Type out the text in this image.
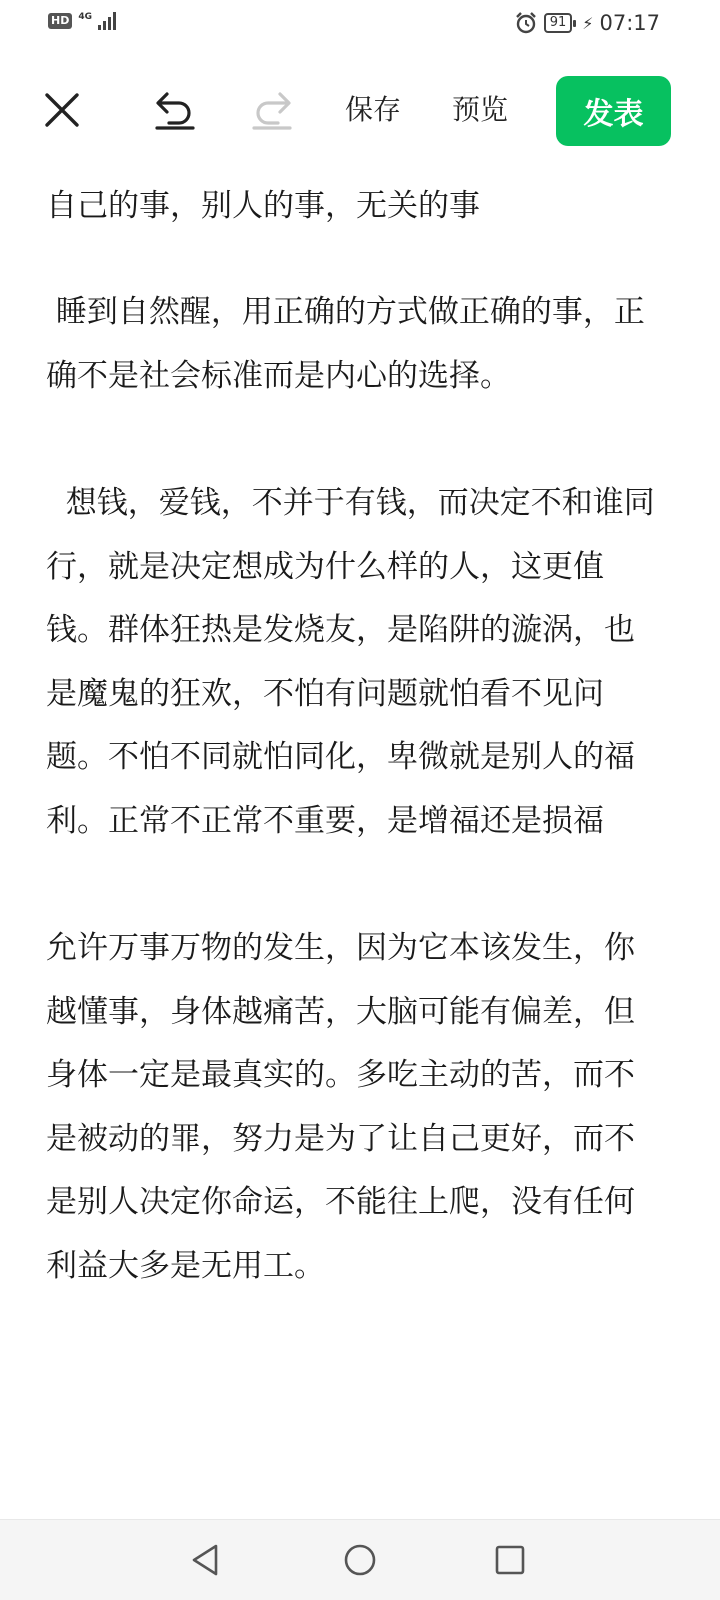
HD	4G	91	⚡ 07:17
保存 预览	发表
自己的事，别人的事，无关的事

睡到自然醒，用正确的方式做正确的事，正确不是社会标准而是内心的选择。

想钱，爱钱，不并于有钱，而决定不和谁同行，就是决定想成为什么样的人，这更值钱。群体狂热是发烧友，是陷阱的漩涡，也是魔鬼的狂欢，不怕有问题就怕看不见问题。不怕不同就怕同化，卑微就是别人的福利。正常不正常不重要，是增福还是损福

允许万事万物的发生，因为它本该发生，你越懂事，身体越痛苦，大脑可能有偏差，但身体一定是最真实的。多吃主动的苦，而不是被动的罪，努力是为了让自己更好，而不是别人决定你命运，不能往上爬，没有任何利益大多是无用工。
